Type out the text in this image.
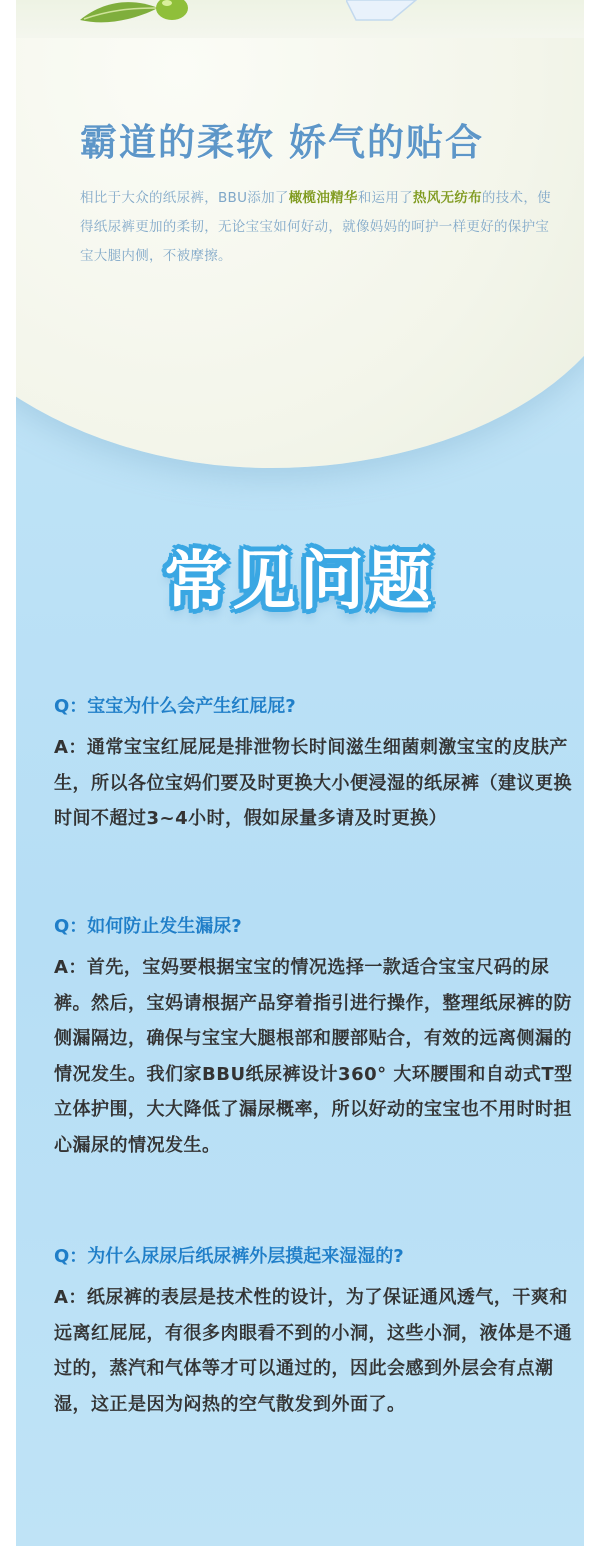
霸道的柔软 娇气的贴合

相比于大众的纸尿裤，BBU添加了橄榄油精华和运用了热风无纺布的技术，使得纸尿裤更加的柔韧，无论宝宝如何好动，就像妈妈的呵护一样更好的保护宝宝大腿内侧，不被摩擦。

常见问题

Q：宝宝为什么会产生红屁屁?

A：通常宝宝红屁屁是排泄物长时间滋生细菌刺激宝宝的皮肤产生，所以各位宝妈们要及时更换大小便浸湿的纸尿裤（建议更换时间不超过3~4小时，假如尿量多请及时更换）

Q：如何防止发生漏尿?

A：首先，宝妈要根据宝宝的情况选择一款适合宝宝尺码的尿裤。然后，宝妈请根据产品穿着指引进行操作，整理纸尿裤的防侧漏隔边，确保与宝宝大腿根部和腰部贴合，有效的远离侧漏的情况发生。我们家BBU纸尿裤设计360° 大环腰围和自动式T型立体护围，大大降低了漏尿概率，所以好动的宝宝也不用时时担心漏尿的情况发生。

Q：为什么尿尿后纸尿裤外层摸起来湿湿的?

A：纸尿裤的表层是技术性的设计，为了保证通风透气，干爽和远离红屁屁，有很多肉眼看不到的小洞，这些小洞，液体是不通过的，蒸汽和气体等才可以通过的，因此会感到外层会有点潮湿，这正是因为闷热的空气散发到外面了。
